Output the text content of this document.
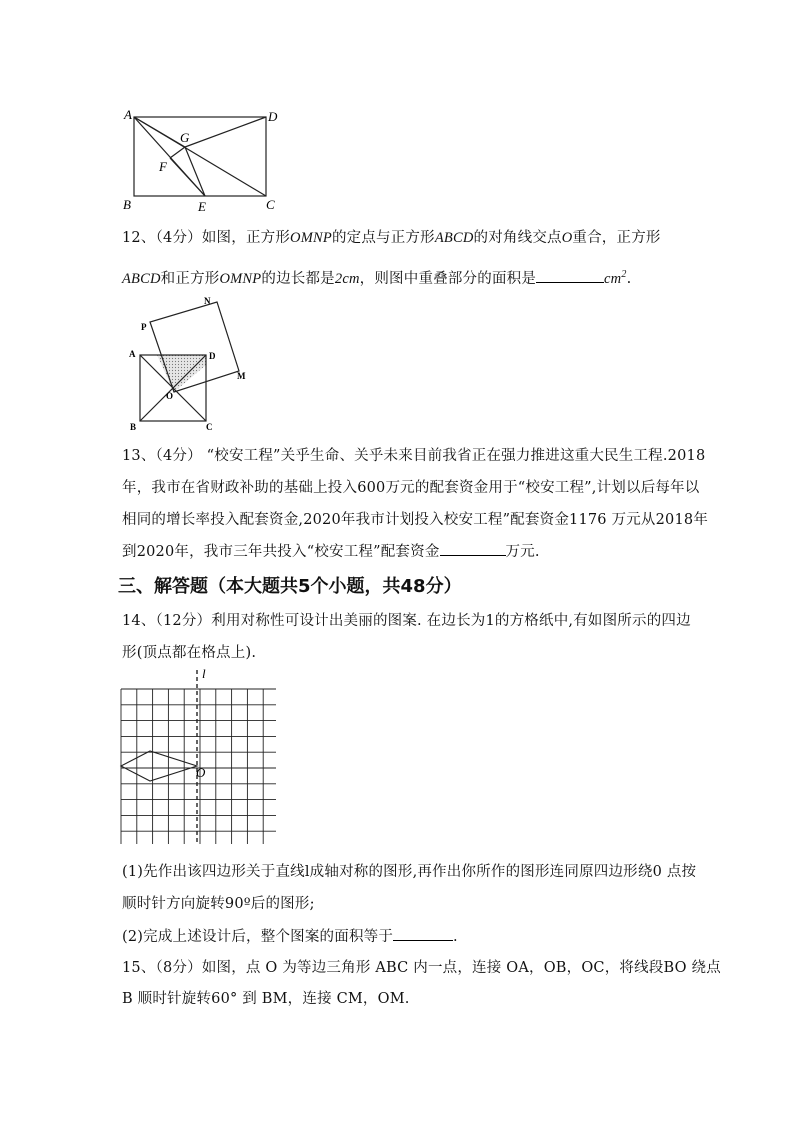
A	D
G
F
B	E	C
12、（4分）如图，正方形OMNP的定点与正方形ABCD的对角线交点O重合，正方形
ABCD和正方形OMNP的边长都是2cm，则图中重叠部分的面积是	$cm^2$.
P
N
A	D
M
O
B	C
13、（4分） “校安工程”关乎生命、关乎未来目前我省正在强力推进这重大民生工程.2018
年，我市在省财政补助的基础上投入600万元的配套资金用于“校安工程”,计划以后每年以
相同的增长率投入配套资金,2020年我市计划投入校安工程”配套资金1176 万元从2018年
到2020年，我市三年共投入“校安工程”配套资金	万元.
三、解答题（本大题共5个小题，共48分）
14、（12分）利用对称性可设计出美丽的图案. 在边长为1的方格纸中,有如图所示的四边
形(顶点都在格点上).
l
O
(1)先作出该四边形关于直线l成轴对称的图形,再作出你所作的图形连同原四边形绕0 点按
顺时针方向旋转90º后的图形;
(2)完成上述设计后，整个图案的面积等于	.
15、（8分）如图，点 O 为等边三角形 ABC 内一点，连接 OA，OB，OC，将线段BO 绕点
B 顺时针旋转60° 到 BM，连接 CM，OM.
